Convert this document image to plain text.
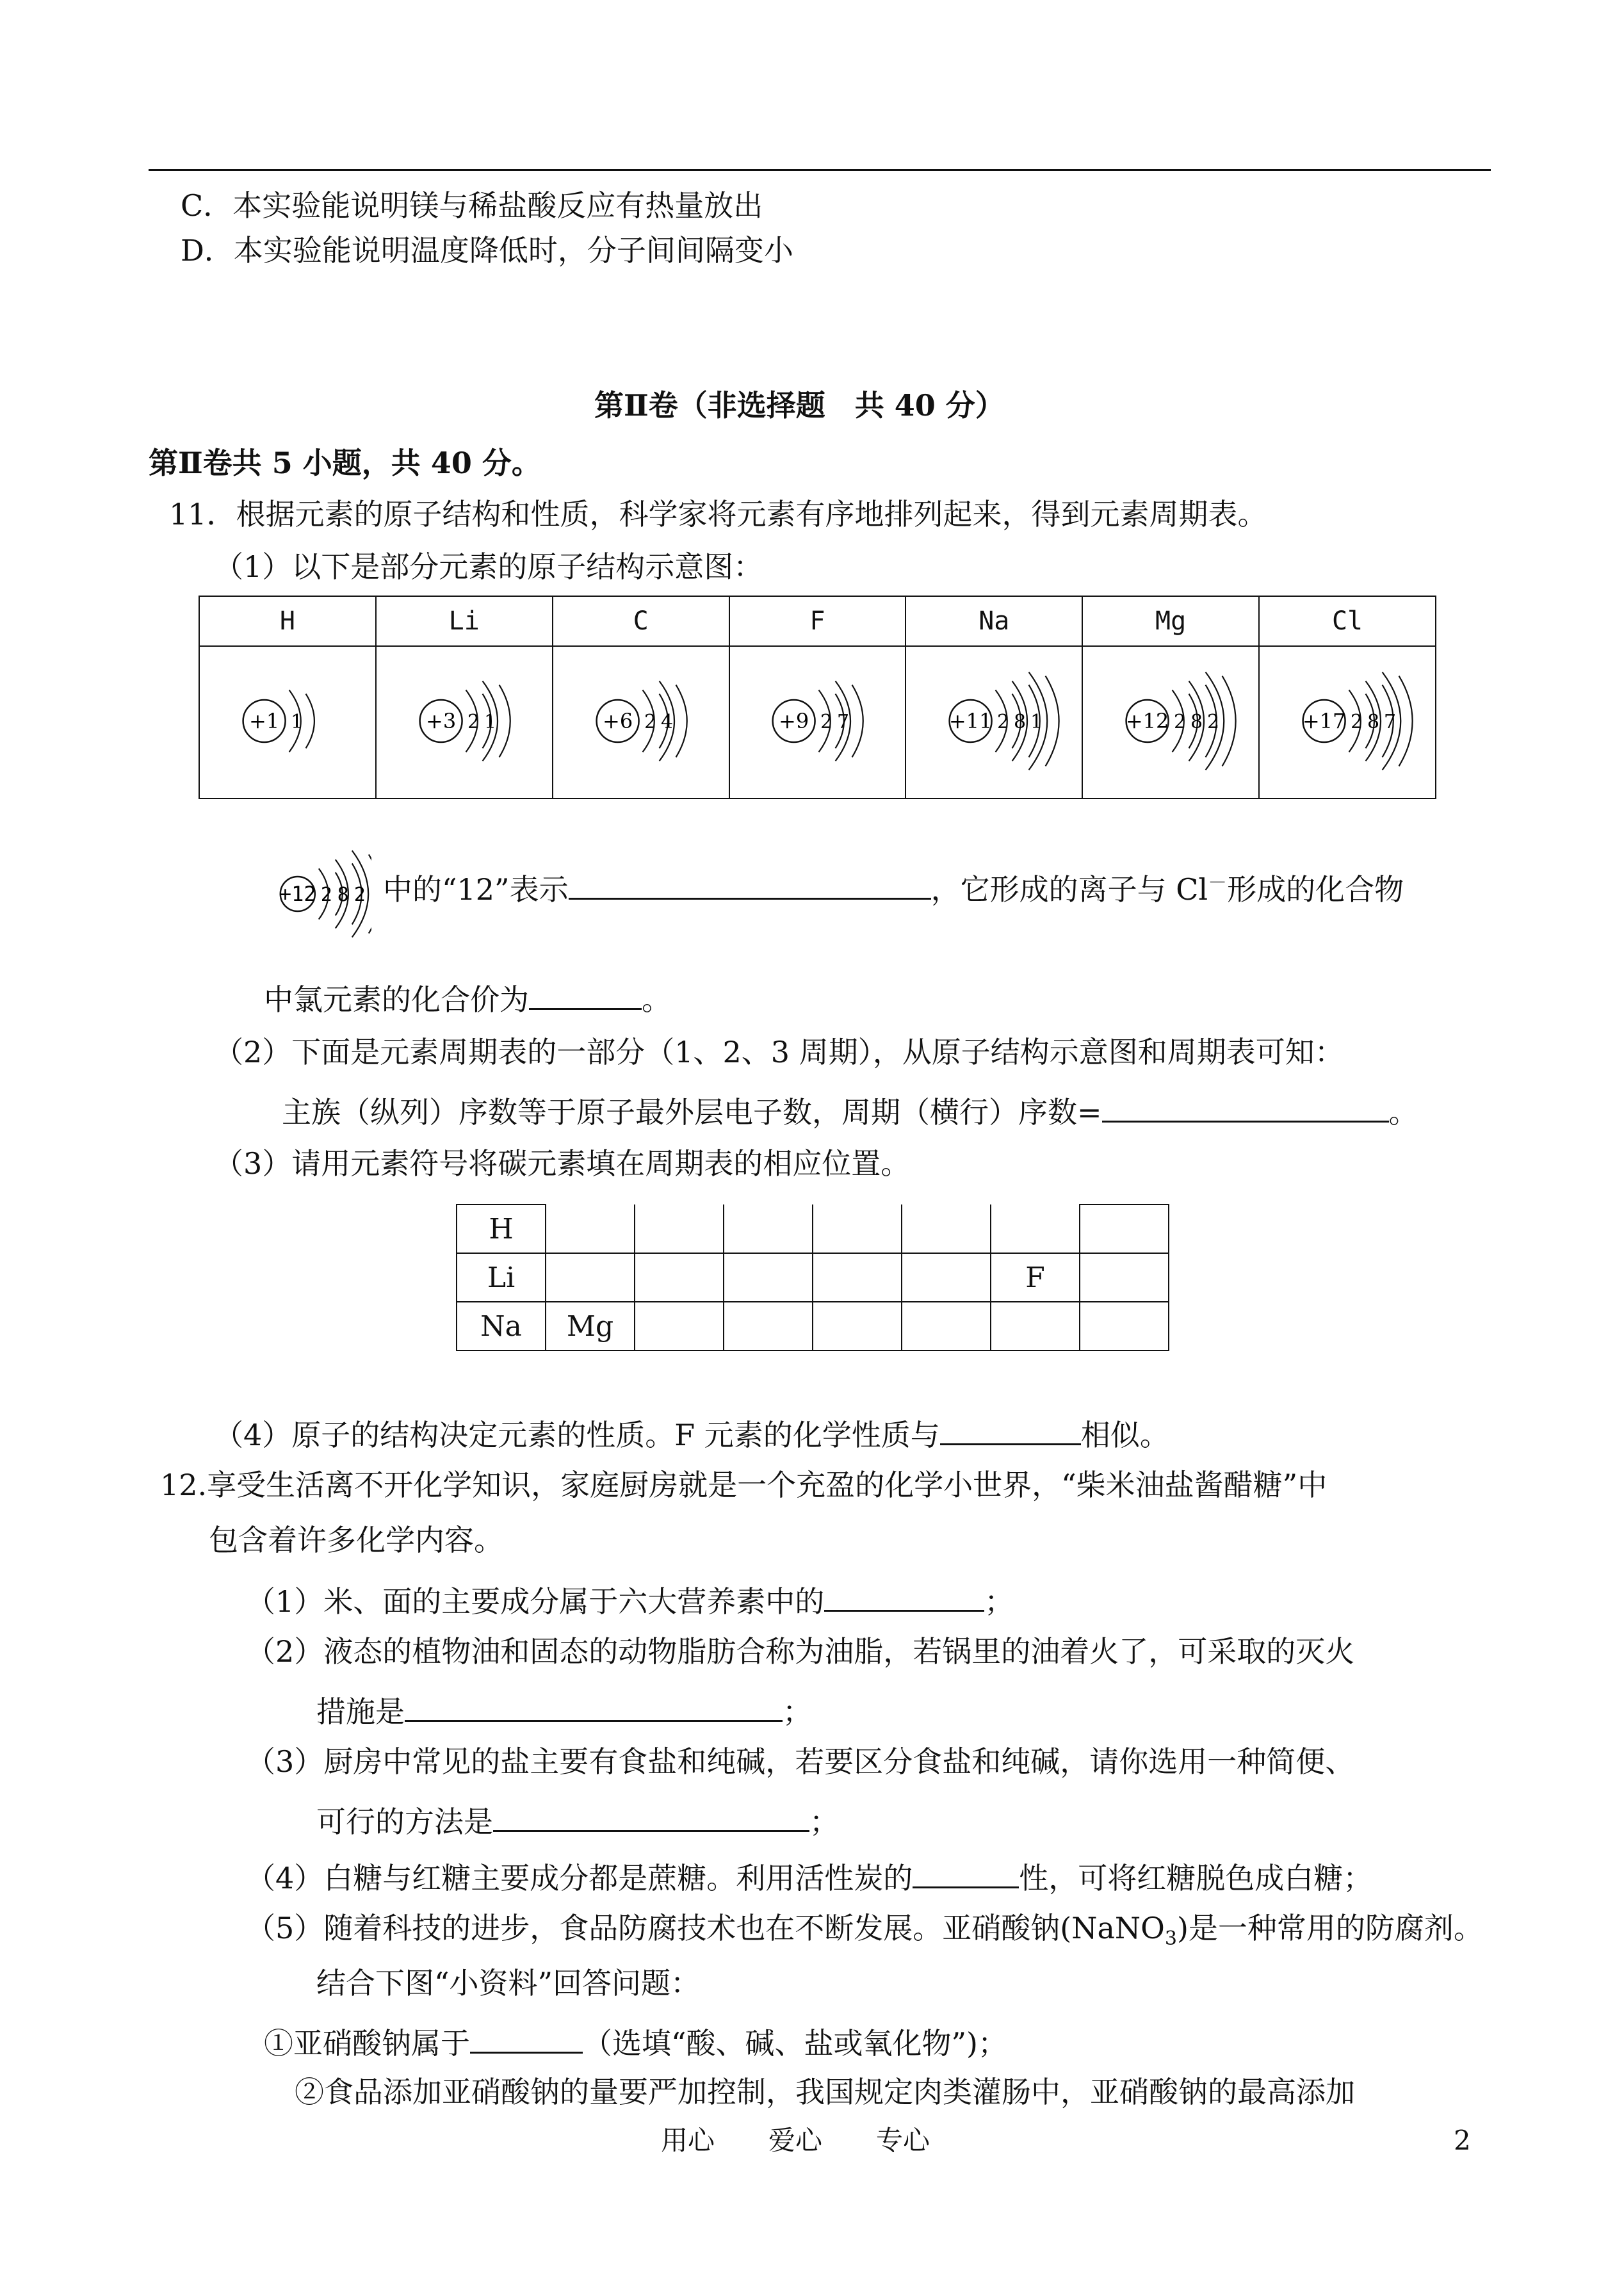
C．本实验能说明镁与稀盐酸反应有热量放出
D．本实验能说明温度降低时，分子间间隔变小
第Ⅱ卷（非选择题　共 40 分）
第Ⅱ卷共 5 小题，共 40 分。
11．根据元素的原子结构和性质，科学家将元素有序地排列起来，得到元素周期表。
（1）以下是部分元素的原子结构示意图：
H	Li	C	F	Na	Mg	Cl

+1 1	+3 2 1	+6 2 4	+9 2 7	+11 2 8 1	+12 2 8 2	+17 2 8 7
+12 2 8 2 中的“12”表示	，它形成的离子与 Cl－形成的化合物
中氯元素的化合价为	。
（2）下面是元素周期表的一部分（1、2、3 周期），从原子结构示意图和周期表可知：
主族（纵列）序数等于原子最外层电子数，周期（横行）序数=	。
（3）请用元素符号将碳元素填在周期表的相应位置。
H							
Li						F	
Na	Mg						
（4）原子的结构决定元素的性质。F 元素的化学性质与	相似。
12.享受生活离不开化学知识，家庭厨房就是一个充盈的化学小世界，“柴米油盐酱醋糖”中
包含着许多化学内容。
（1）米、面的主要成分属于六大营养素中的	；
（2）液态的植物油和固态的动物脂肪合称为油脂，若锅里的油着火了，可采取的灭火
措施是	；
（3）厨房中常见的盐主要有食盐和纯碱，若要区分食盐和纯碱，请你选用一种简便、
可行的方法是	；
（4）白糖与红糖主要成分都是蔗糖。利用活性炭的	性，可将红糖脱色成白糖；
（5）随着科技的进步，食品防腐技术也在不断发展。亚硝酸钠(NaNO$_3$)是一种常用的防腐剂。
结合下图“小资料”回答问题：
①亚硝酸钠属于	（选填“酸、碱、盐或氧化物”)；
②食品添加亚硝酸钠的量要严加控制，我国规定肉类灌肠中，亚硝酸钠的最高添加
用心　　爱心　　专心	2
